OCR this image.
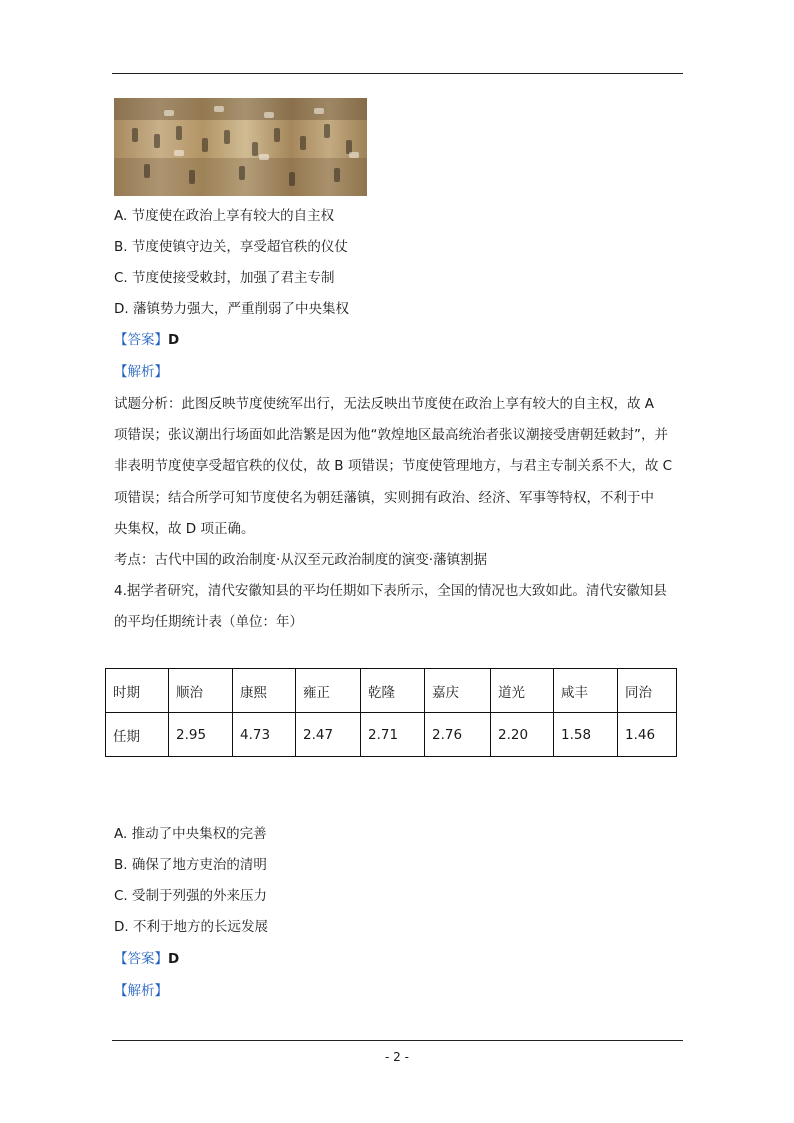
A. 节度使在政治上享有较大的自主权
B. 节度使镇守边关，享受超官秩的仪仗
C. 节度使接受敕封，加强了君主专制
D. 藩镇势力强大，严重削弱了中央集权
【答案】D
【解析】
试题分析：此图反映节度使统军出行，无法反映出节度使在政治上享有较大的自主权，故 A
项错误；张议潮出行场面如此浩繁是因为他“敦煌地区最高统治者张议潮接受唐朝廷敕封”，并
非表明节度使享受超官秩的仪仗，故 B 项错误；节度使管理地方，与君主专制关系不大，故 C
项错误；结合所学可知节度使名为朝廷藩镇，实则拥有政治、经济、军事等特权，不利于中
央集权，故 D 项正确。
考点：古代中国的政治制度·从汉至元政治制度的演变·藩镇割据
4.据学者研究，清代安徽知县的平均任期如下表所示，全国的情况也大致如此。清代安徽知县
的平均任期统计表（单位：年）
时期	顺治	康熙	雍正	乾隆	嘉庆	道光	咸丰	同治
任期	2.95	4.73	2.47	2.71	2.76	2.20	1.58	1.46
A. 推动了中央集权的完善
B. 确保了地方吏治的清明
C. 受制于列强的外来压力
D. 不利于地方的长远发展
【答案】D
【解析】
- 2 -
